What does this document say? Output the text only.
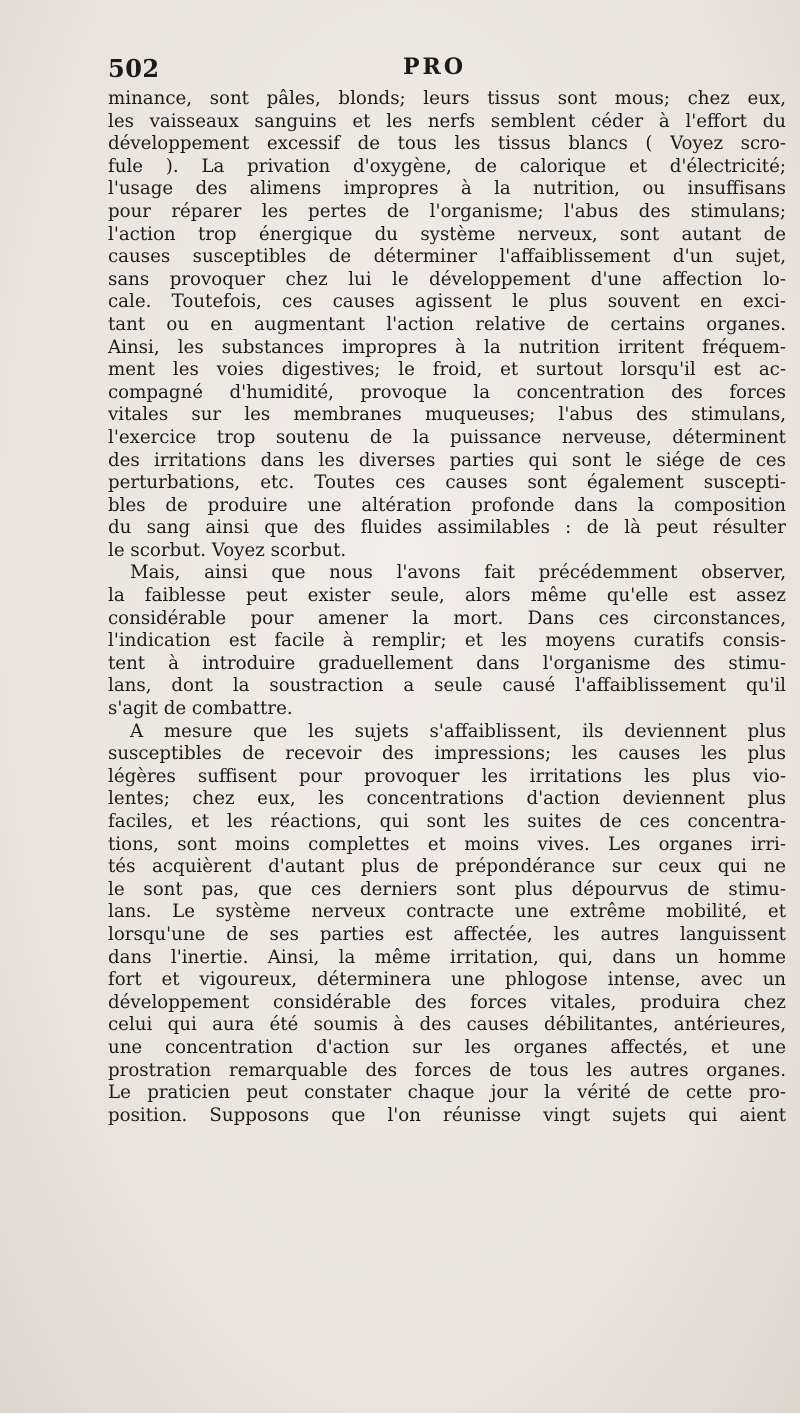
502	PRO
minance, sont pâles, blonds; leurs tissus sont mous; chez eux,
les vaisseaux sanguins et les nerfs semblent céder à l'effort du
développement excessif de tous les tissus blancs ( Voyez scro-
fule ). La privation d'oxygène, de calorique et d'électricité;
l'usage des alimens impropres à la nutrition, ou insuffisans
pour réparer les pertes de l'organisme; l'abus des stimulans;
l'action trop énergique du système nerveux, sont autant de
causes susceptibles de déterminer l'affaiblissement d'un sujet,
sans provoquer chez lui le développement d'une affection lo-
cale. Toutefois, ces causes agissent le plus souvent en exci-
tant ou en augmentant l'action relative de certains organes.
Ainsi, les substances impropres à la nutrition irritent fréquem-
ment les voies digestives; le froid, et surtout lorsqu'il est ac-
compagné d'humidité, provoque la concentration des forces
vitales sur les membranes muqueuses; l'abus des stimulans,
l'exercice trop soutenu de la puissance nerveuse, déterminent
des irritations dans les diverses parties qui sont le siége de ces
perturbations, etc. Toutes ces causes sont également suscepti-
bles de produire une altération profonde dans la composition
du sang ainsi que des fluides assimilables : de là peut résulter
le scorbut. Voyez scorbut.
Mais, ainsi que nous l'avons fait précédemment observer,
la faiblesse peut exister seule, alors même qu'elle est assez
considérable pour amener la mort. Dans ces circonstances,
l'indication est facile à remplir; et les moyens curatifs consis-
tent à introduire graduellement dans l'organisme des stimu-
lans, dont la soustraction a seule causé l'affaiblissement qu'il
s'agit de combattre.
A mesure que les sujets s'affaiblissent, ils deviennent plus
susceptibles de recevoir des impressions; les causes les plus
légères suffisent pour provoquer les irritations les plus vio-
lentes; chez eux, les concentrations d'action deviennent plus
faciles, et les réactions, qui sont les suites de ces concentra-
tions, sont moins complettes et moins vives. Les organes irri-
tés acquièrent d'autant plus de prépondérance sur ceux qui ne
le sont pas, que ces derniers sont plus dépourvus de stimu-
lans. Le système nerveux contracte une extrême mobilité, et
lorsqu'une de ses parties est affectée, les autres languissent
dans l'inertie. Ainsi, la même irritation, qui, dans un homme
fort et vigoureux, déterminera une phlogose intense, avec un
développement considérable des forces vitales, produira chez
celui qui aura été soumis à des causes débilitantes, antérieures,
une concentration d'action sur les organes affectés, et une
prostration remarquable des forces de tous les autres organes.
Le praticien peut constater chaque jour la vérité de cette pro-
position. Supposons que l'on réunisse vingt sujets qui aient
